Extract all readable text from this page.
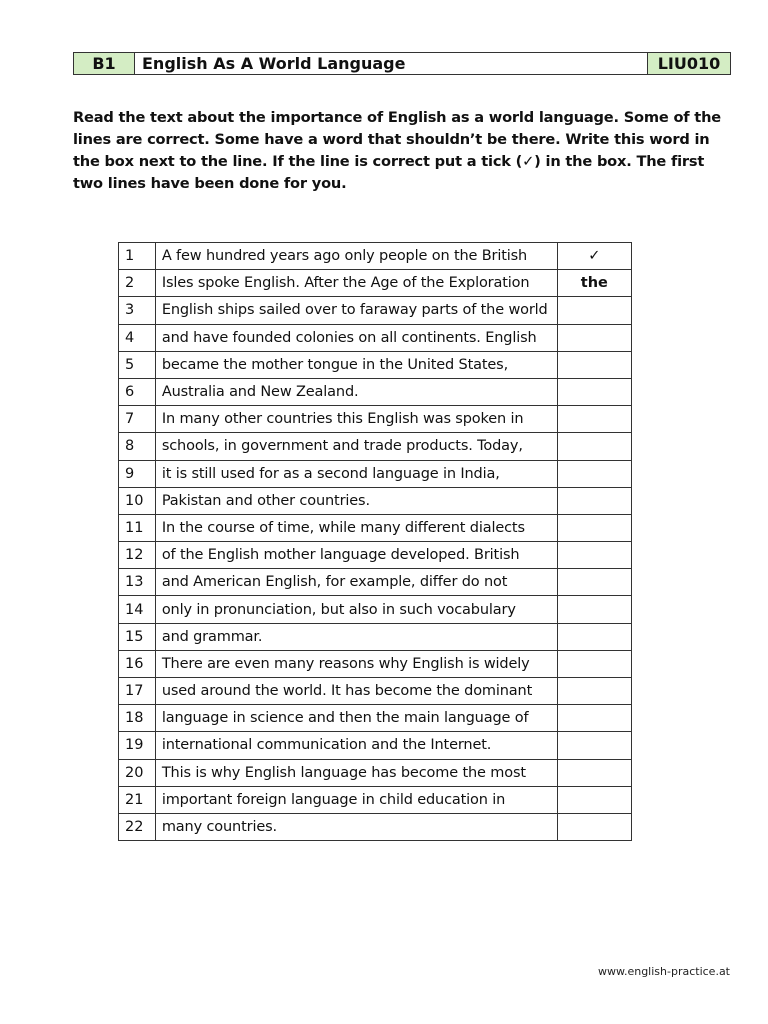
B1	English As A World Language	LIU010

Read the text about the importance of English as a world language. Some of the lines are correct. Some have a word that shouldn’t be there. Write this word in the box next to the line. If the line is correct put a tick (✓) in the box. The first two lines have been done for you.

1	A few hundred years ago only people on the British	✓
2	Isles spoke English. After the Age of the Exploration	the
3	English ships sailed over to faraway parts of the world	
4	and have founded colonies on all continents. English	
5	became the mother tongue in the United States,	
6	Australia and New Zealand.	
7	In many other countries this English was spoken in	
8	schools, in government and trade products. Today,	
9	it is still used for as a second language in India,	
10	Pakistan and other countries.	
11	In the course of time, while many different dialects	
12	of the English mother language developed. British	
13	and American English, for example, differ do not	
14	only in pronunciation, but also in such vocabulary	
15	and grammar.	
16	There are even many reasons why English is widely	
17	used around the world. It has become the dominant	
18	language in science and then the main language of	
19	international communication and the Internet.	
20	This is why English language has become the most	
21	important foreign language in child education in	
22	many countries.	
www.english-practice.at
